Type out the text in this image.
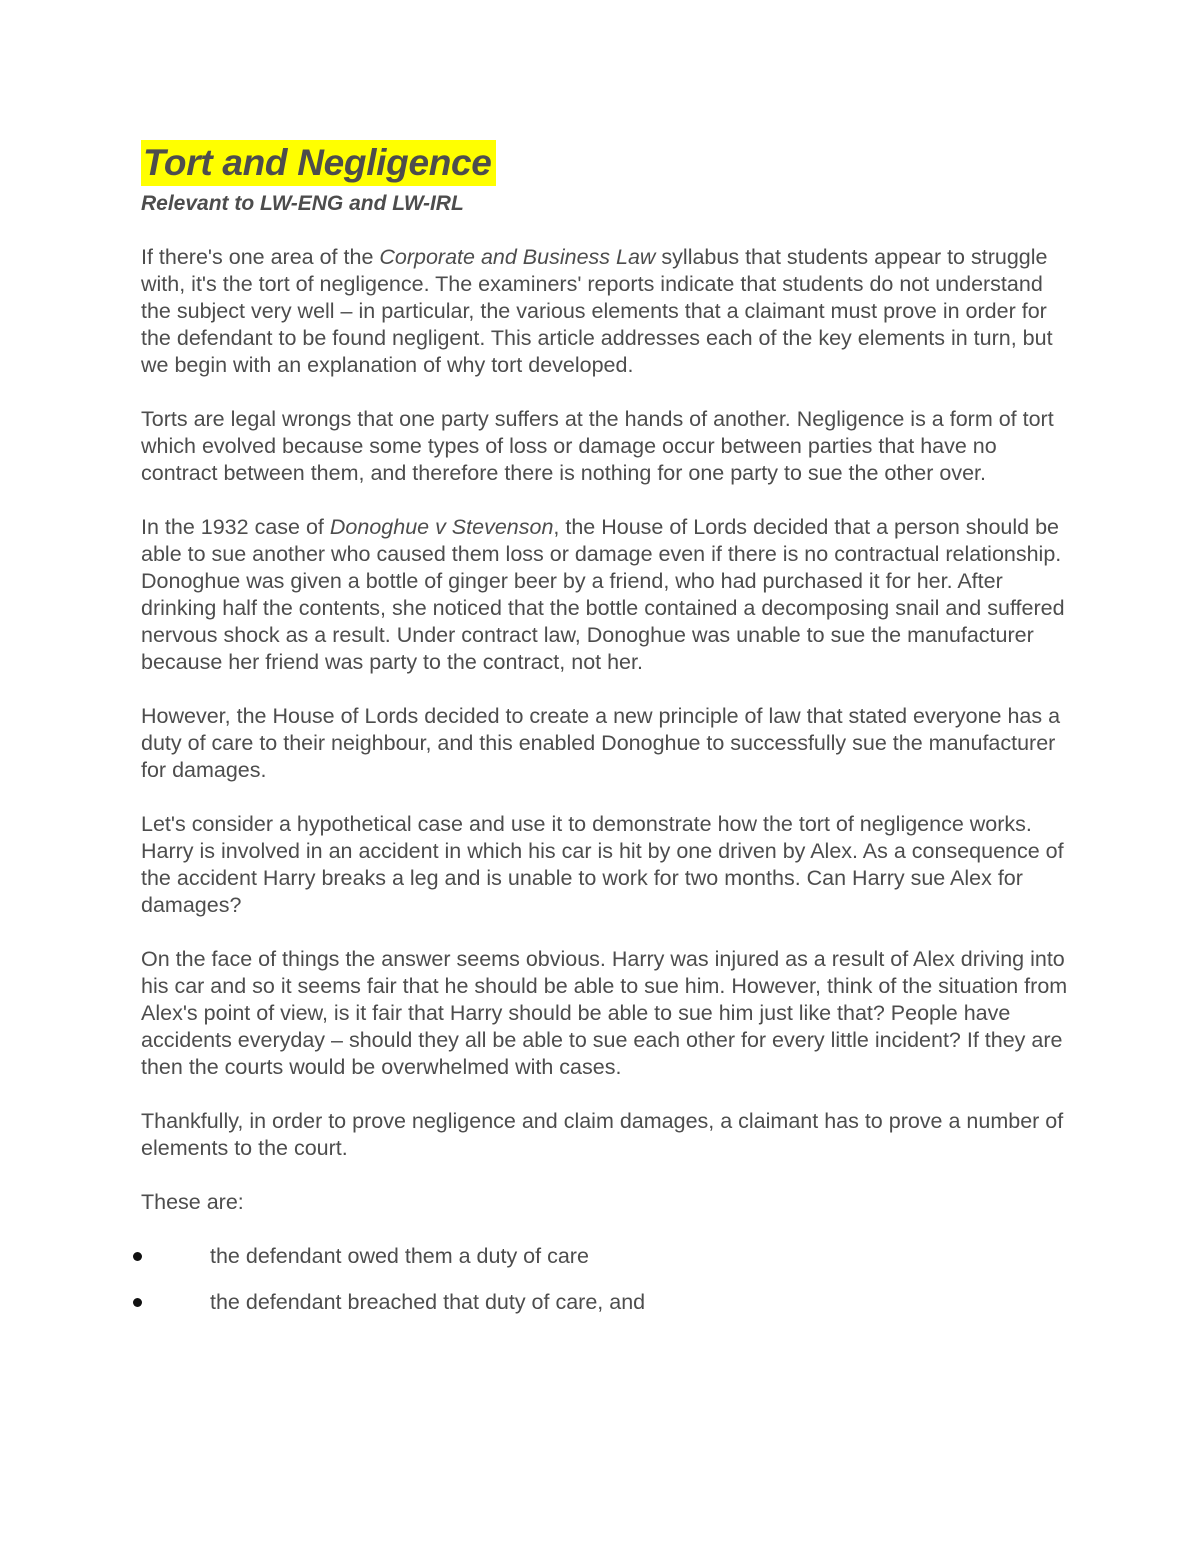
Tort and Negligence
Relevant to LW-ENG and LW-IRL

If there's one area of the Corporate and Business Law syllabus that students appear to struggle with, it's the tort of negligence. The examiners' reports indicate that students do not understand the subject very well – in particular, the various elements that a claimant must prove in order for the defendant to be found negligent. This article addresses each of the key elements in turn, but we begin with an explanation of why tort developed.

Torts are legal wrongs that one party suffers at the hands of another. Negligence is a form of tort which evolved because some types of loss or damage occur between parties that have no contract between them, and therefore there is nothing for one party to sue the other over.

In the 1932 case of Donoghue v Stevenson, the House of Lords decided that a person should be able to sue another who caused them loss or damage even if there is no contractual relationship. Donoghue was given a bottle of ginger beer by a friend, who had purchased it for her. After drinking half the contents, she noticed that the bottle contained a decomposing snail and suffered nervous shock as a result. Under contract law, Donoghue was unable to sue the manufacturer because her friend was party to the contract, not her.

However, the House of Lords decided to create a new principle of law that stated everyone has a duty of care to their neighbour, and this enabled Donoghue to successfully sue the manufacturer for damages.

Let's consider a hypothetical case and use it to demonstrate how the tort of negligence works. Harry is involved in an accident in which his car is hit by one driven by Alex. As a consequence of the accident Harry breaks a leg and is unable to work for two months. Can Harry sue Alex for damages?

On the face of things the answer seems obvious. Harry was injured as a result of Alex driving into his car and so it seems fair that he should be able to sue him. However, think of the situation from Alex's point of view, is it fair that Harry should be able to sue him just like that? People have accidents everyday – should they all be able to sue each other for every little incident? If they are then the courts would be overwhelmed with cases.

Thankfully, in order to prove negligence and claim damages, a claimant has to prove a number of elements to the court.

These are:

the defendant owed them a duty of care
the defendant breached that duty of care, and
